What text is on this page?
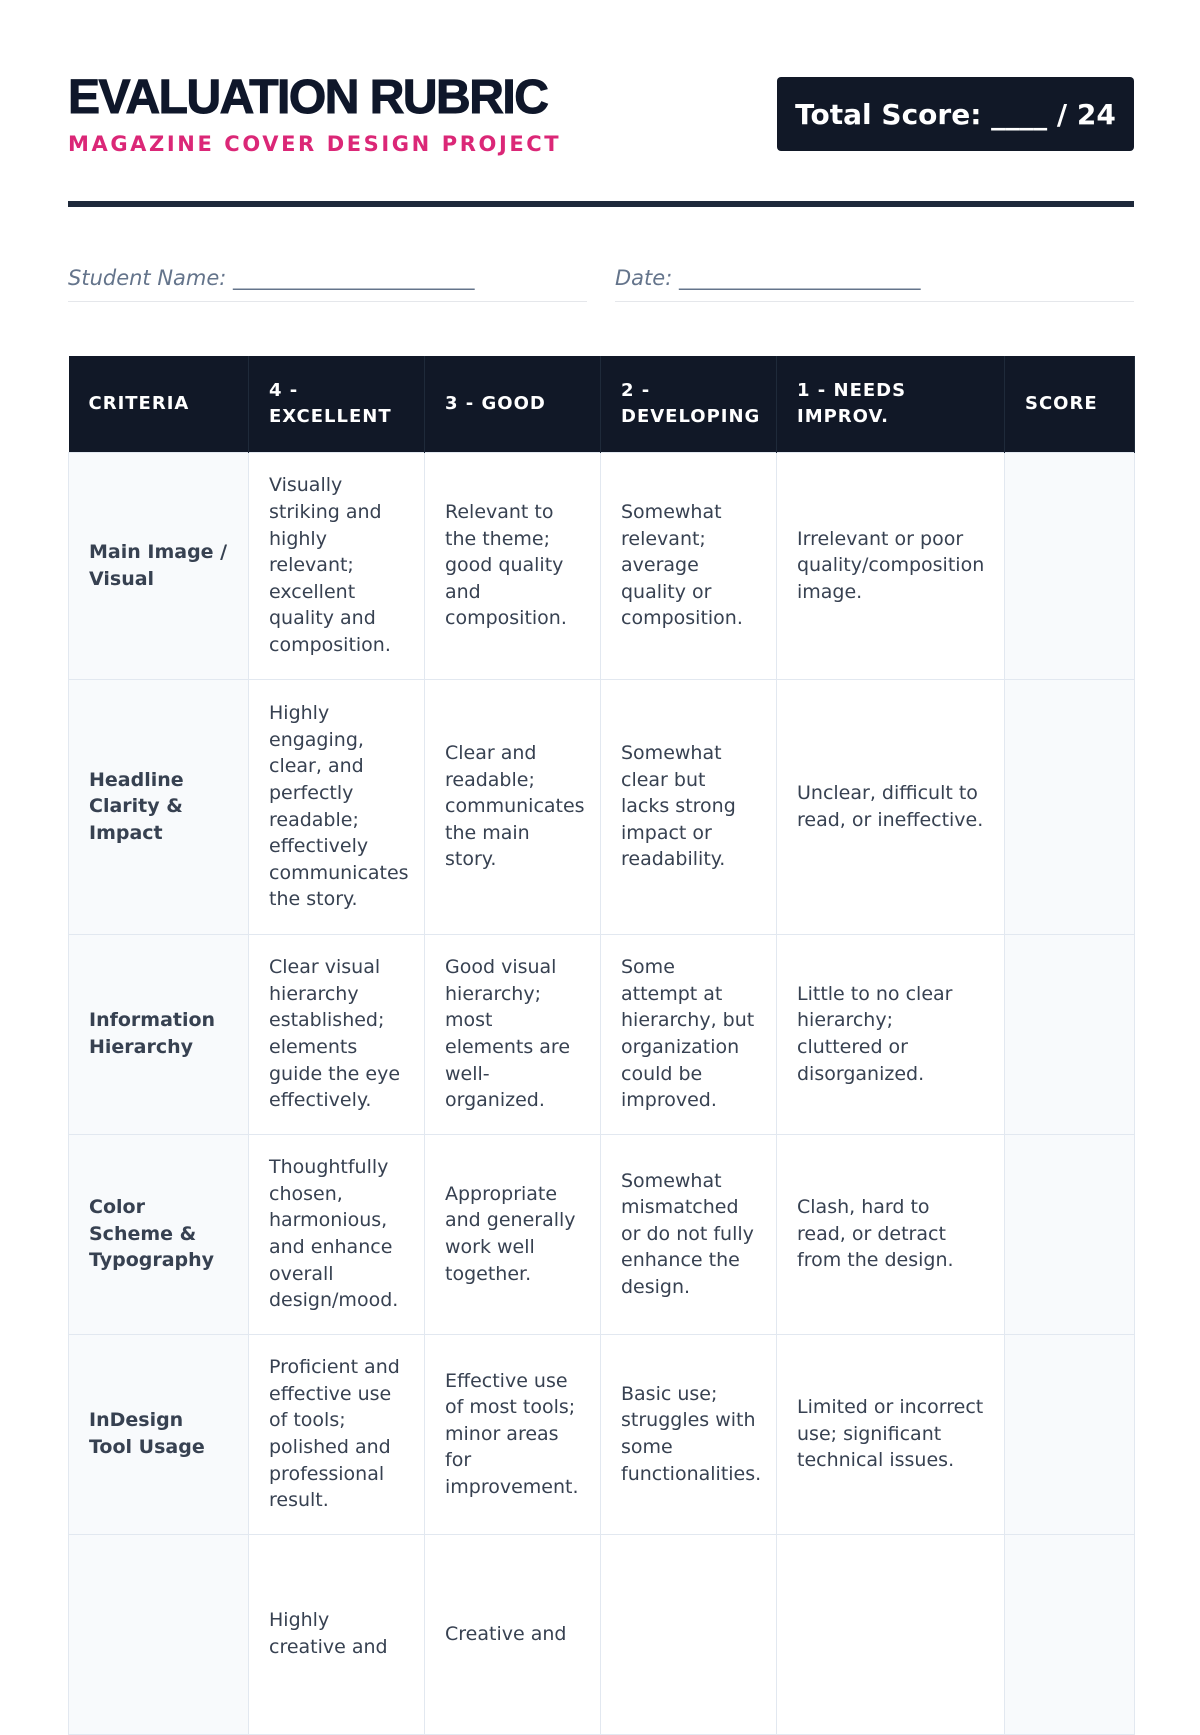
EVALUATION RUBRIC
MAGAZINE COVER DESIGN PROJECT
Total Score: ____ / 24
Student Name: _______________________	Date: _______________________
CRITERIA	4 - EXCELLENT	3 - GOOD	2 - DEVELOPING	1 - NEEDS IMPROV.	SCORE
Main Image / Visual	Visually striking and highly relevant; excellent quality and composition.	Relevant to the theme; good quality and composition.	Somewhat relevant; average quality or composition.	Irrelevant or poor quality/composition image.	
Headline Clarity & Impact	Highly engaging, clear, and perfectly readable; effectively communicates the story.	Clear and readable; communicates the main story.	Somewhat clear but lacks strong impact or readability.	Unclear, difficult to read, or ineffective.	
Information Hierarchy	Clear visual hierarchy established; elements guide the eye effectively.	Good visual hierarchy; most elements are well-organized.	Some attempt at hierarchy, but organization could be improved.	Little to no clear hierarchy; cluttered or disorganized.	
Color Scheme & Typography	Thoughtfully chosen, harmonious, and enhance overall design/mood.	Appropriate and generally work well together.	Somewhat mismatched or do not fully enhance the design.	Clash, hard to read, or detract from the design.	
InDesign Tool Usage	Proficient and effective use of tools; polished and professional result.	Effective use of most tools; minor areas for improvement.	Basic use; struggles with some functionalities.	Limited or incorrect use; significant technical issues.	
	Highly creative and	Creative and			
